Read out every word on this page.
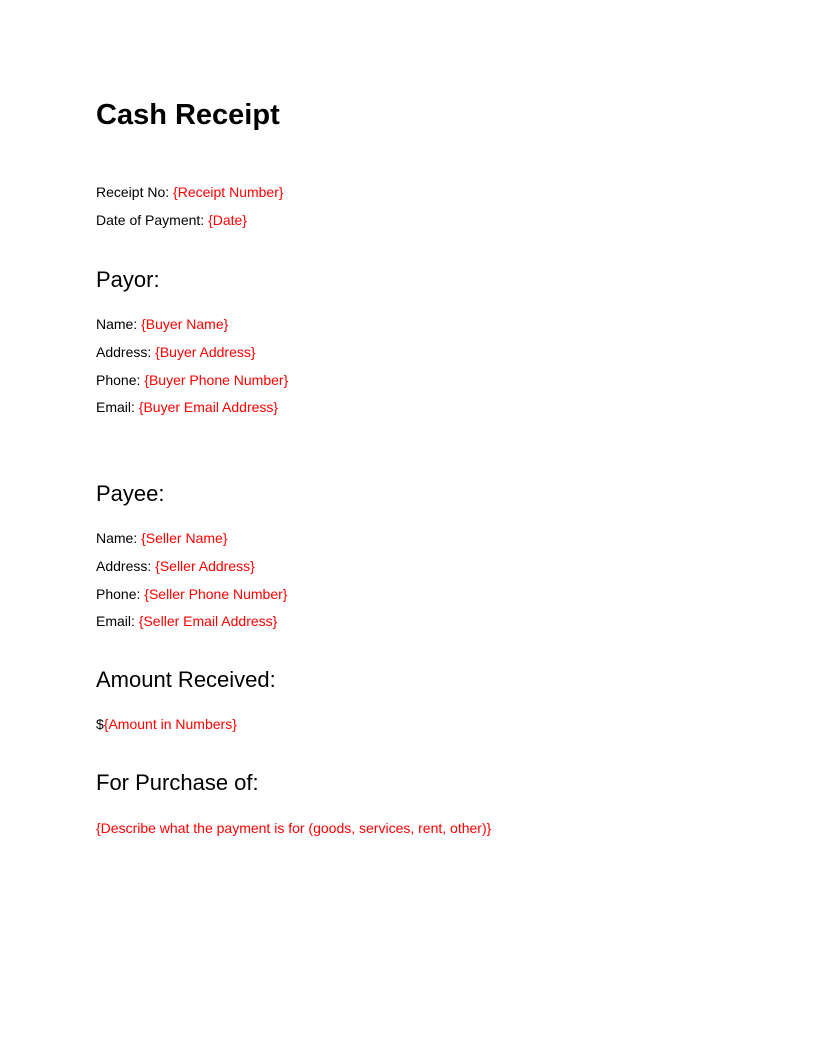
Cash Receipt

Receipt No: {Receipt Number}

Date of Payment: {Date}

Payor:

Name: {Buyer Name}

Address: {Buyer Address}

Phone: {Buyer Phone Number}

Email: {Buyer Email Address}

Payee:

Name: {Seller Name}

Address: {Seller Address}

Phone: {Seller Phone Number}

Email: {Seller Email Address}

Amount Received:

${Amount in Numbers}

For Purchase of:

{Describe what the payment is for (goods, services, rent, other)}
